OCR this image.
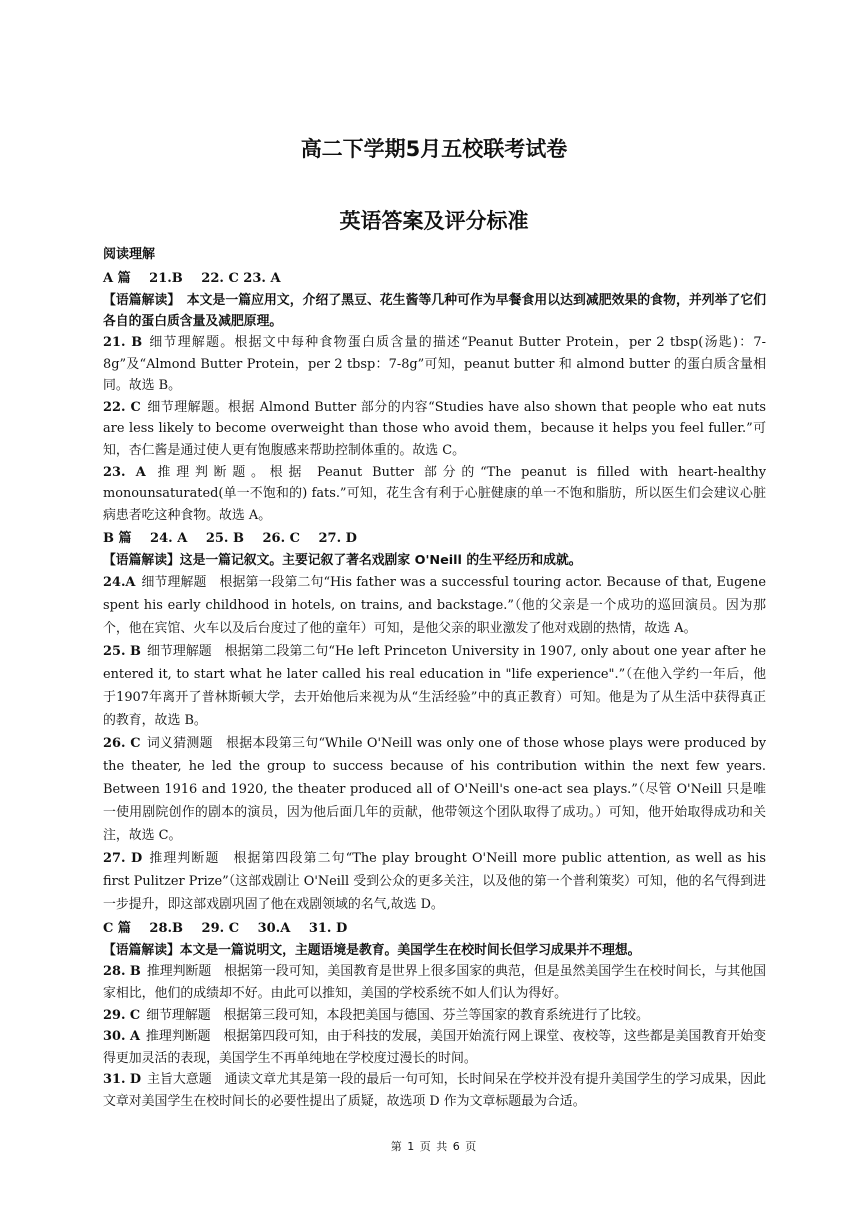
高二下学期5月五校联考试卷
英语答案及评分标准

阅读理解

A 篇 21.B 22. C 23. A

【语篇解读】　本文是一篇应用文，介绍了黑豆、花生酱等几种可作为早餐食用以达到减肥效果的食物，并列举了它们各自的蛋白质含量及减肥原理。

21. B 细节理解题。根据文中每种食物蛋白质含量的描述“Peanut Butter Protein，per 2 tbsp(汤匙)：7-8g”及“Almond Butter Protein，per 2 tbsp：7-8g”可知，peanut butter 和 almond butter 的蛋白质含量相同。故选 B。

22. C 细节理解题。根据 Almond Butter 部分的内容“Studies have also shown that people who eat nuts are less likely to become overweight than those who avoid them，because it helps you feel fuller.”可知，杏仁酱是通过使人更有饱腹感来帮助控制体重的。故选 C。

23. A 推理判断题。根据 Peanut Butter 部分的“The peanut is filled with heart-healthy monounsaturated(单一不饱和的) fats.”可知，花生含有利于心脏健康的单一不饱和脂肪，所以医生们会建议心脏病患者吃这种食物。故选 A。

B 篇 24. A 25. B 26. C 27. D

【语篇解读】这是一篇记叙文。主要记叙了著名戏剧家 O'Neill 的生平经历和成就。

24.A 细节理解题　根据第一段第二句“His father was a successful touring actor. Because of that, Eugene spent his early childhood in hotels, on trains, and backstage.”（他的父亲是一个成功的巡回演员。因为那个，他在宾馆、火车以及后台度过了他的童年）可知，是他父亲的职业激发了他对戏剧的热情，故选 A。

25. B 细节理解题　根据第二段第二句“He left Princeton University in 1907, only about one year after he entered it, to start what he later called his real education in "life experience".”（在他入学约一年后，他于1907年离开了普林斯顿大学，去开始他后来视为从“生活经验”中的真正教育）可知。他是为了从生活中获得真正的教育，故选 B。

26. C 词义猜测题　根据本段第三句“While O'Neill was only one of those whose plays were produced by the theater, he led the group to success because of his contribution within the next few years. Between 1916 and 1920, the theater produced all of O'Neill's one-act sea plays.”（尽管 O'Neill 只是唯一使用剧院创作的剧本的演员，因为他后面几年的贡献，他带领这个团队取得了成功。）可知，他开始取得成功和关注，故选 C。

27. D 推理判断题　根据第四段第二句“The play brought O'Neill more public attention, as well as his first Pulitzer Prize”（这部戏剧让 O'Neill 受到公众的更多关注，以及他的第一个普利策奖）可知，他的名气得到进一步提升，即这部戏剧巩固了他在戏剧领域的名气,故选 D。

C 篇 28.B 29. C 30.A 31. D

【语篇解读】本文是一篇说明文，主题语境是教育。美国学生在校时间长但学习成果并不理想。

28. B 推理判断题　根据第一段可知，美国教育是世界上很多国家的典范，但是虽然美国学生在校时间长，与其他国家相比，他们的成绩却不好。由此可以推知，美国的学校系统不如人们认为得好。

29. C 细节理解题　根据第三段可知，本段把美国与德国、芬兰等国家的教育系统进行了比较。

30. A 推理判断题　根据第四段可知，由于科技的发展，美国开始流行网上课堂、夜校等，这些都是美国教育开始变得更加灵活的表现，美国学生不再单纯地在学校度过漫长的时间。

31. D 主旨大意题　通读文章尤其是第一段的最后一句可知，长时间呆在学校并没有提升美国学生的学习成果，因此文章对美国学生在校时间长的必要性提出了质疑，故选项 D 作为文章标题最为合适。

第 1 页 共 6 页
